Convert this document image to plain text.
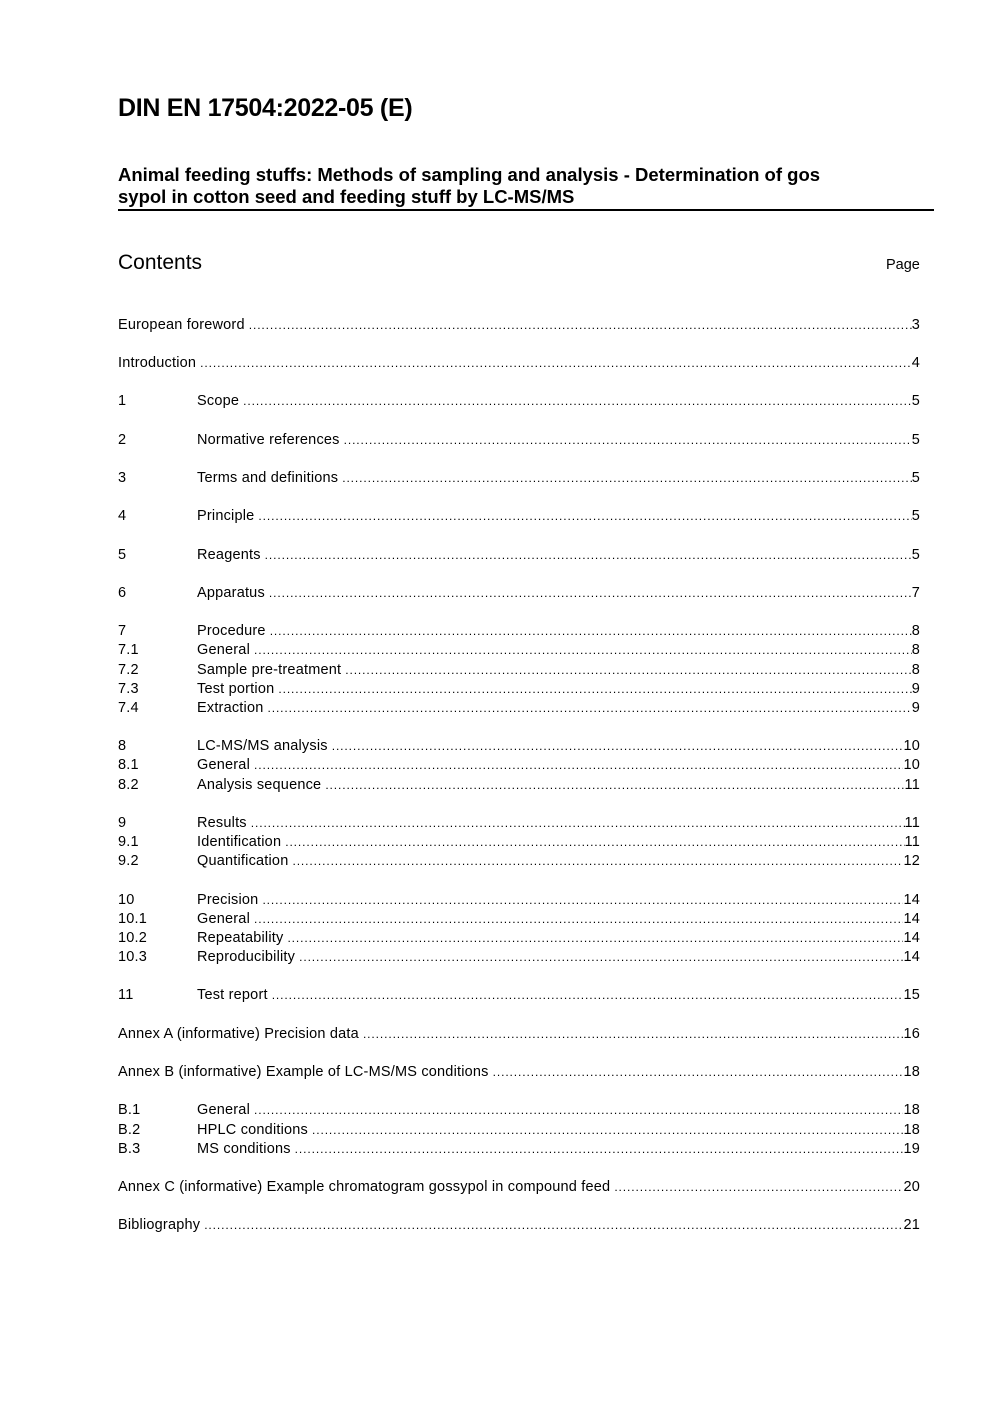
DIN EN 17504:2022-05 (E)
Animal feeding stuffs: Methods of sampling and analysis - Determination of gos
sypol in cotton seed and feeding stuff by LC-MS/MS
Contents	Page
European foreword .....	3
Introduction .....	4
1	Scope .....	5
2	Normative references .....	5
3	Terms and definitions .....	5
4	Principle .....	5
5	Reagents .....	5
6	Apparatus .....	7
7	Procedure .....	8
7.1	General .....	8
7.2	Sample pre-treatment .....	8
7.3	Test portion .....	9
7.4	Extraction .....	9
8	LC-MS/MS analysis .....	10
8.1	General .....	10
8.2	Analysis sequence .....	11
9	Results .....	11
9.1	Identification .....	11
9.2	Quantification .....	12
10	Precision .....	14
10.1	General .....	14
10.2	Repeatability .....	14
10.3	Reproducibility .....	14
11	Test report .....	15
Annex A (informative) Precision data .....	16
Annex B (informative) Example of LC-MS/MS conditions .....	18
B.1	General .....	18
B.2	HPLC conditions .....	18
B.3	MS conditions .....	19
Annex C (informative) Example chromatogram gossypol in compound feed .....	20
Bibliography .....	21
